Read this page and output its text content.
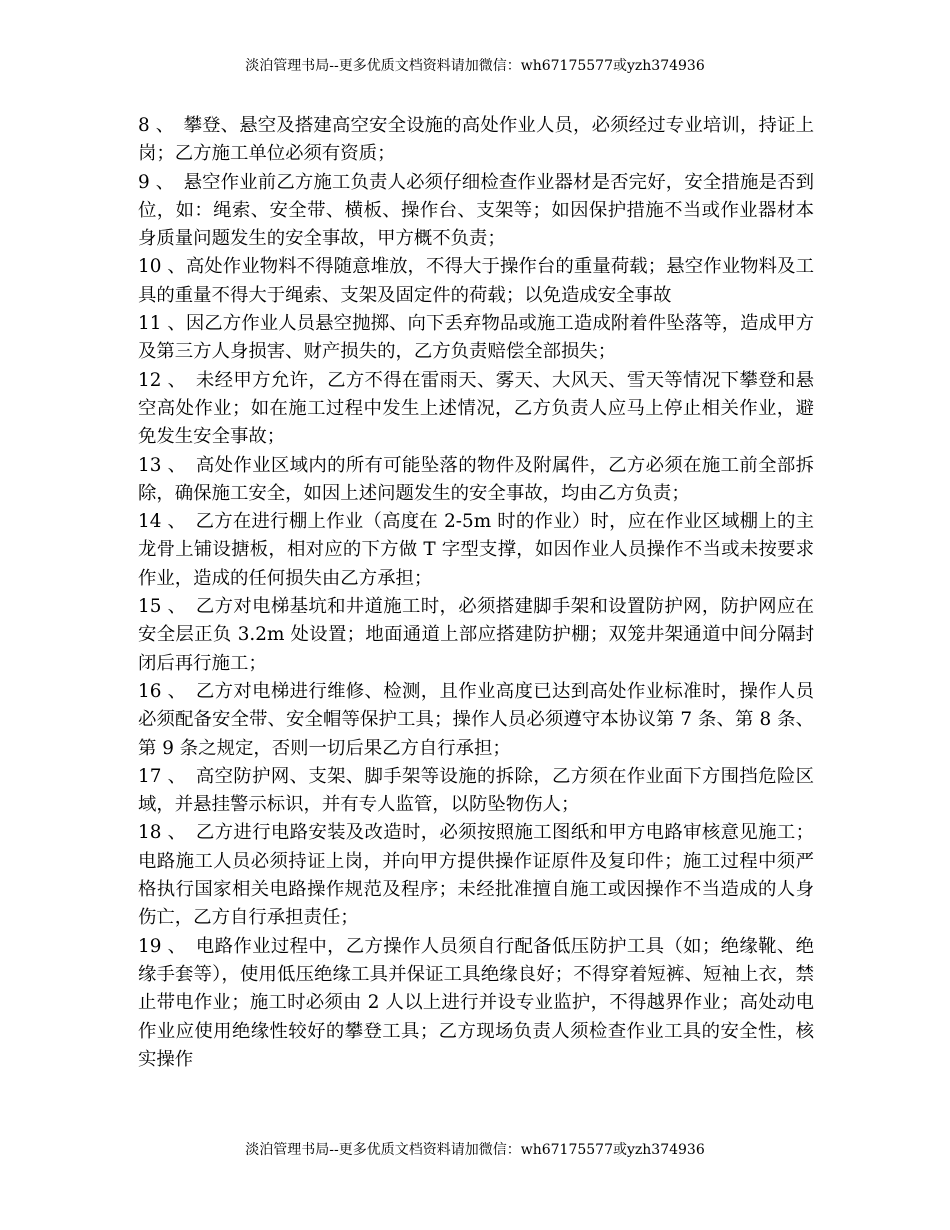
淡泊管理书局--更多优质文档资料请加微信：wh67175577或yzh374936

8 、　攀登、悬空及搭建高空安全设施的高处作业人员，必须经过专业培训，持证上岗；乙方施工单位必须有资质；

9 、　悬空作业前乙方施工负责人必须仔细检查作业器材是否完好，安全措施是否到位，如：绳索、安全带、横板、操作台、支架等；如因保护措施不当或作业器材本身质量问题发生的安全事故，甲方概不负责；

10 、高处作业物料不得随意堆放，不得大于操作台的重量荷载；悬空作业物料及工具的重量不得大于绳索、支架及固定件的荷载；以免造成安全事故

11 、因乙方作业人员悬空抛掷、向下丢弃物品或施工造成附着件坠落等，造成甲方及第三方人身损害、财产损失的，乙方负责赔偿全部损失；

12 、　未经甲方允许，乙方不得在雷雨天、雾天、大风天、雪天等情况下攀登和悬空高处作业；如在施工过程中发生上述情况，乙方负责人应马上停止相关作业，避免发生安全事故；

13 、　高处作业区域内的所有可能坠落的物件及附属件，乙方必须在施工前全部拆除，确保施工安全，如因上述问题发生的安全事故，均由乙方负责；

14 、　乙方在进行棚上作业（高度在 2-5m 时的作业）时，应在作业区域棚上的主龙骨上铺设搪板，相对应的下方做 T 字型支撑，如因作业人员操作不当或未按要求作业，造成的任何损失由乙方承担；

15 、　乙方对电梯基坑和井道施工时，必须搭建脚手架和设置防护网，防护网应在安全层正负 3.2m 处设置；地面通道上部应搭建防护棚；双笼井架通道中间分隔封闭后再行施工；

16 、　乙方对电梯进行维修、检测，且作业高度已达到高处作业标准时，操作人员必须配备安全带、安全帽等保护工具；操作人员必须遵守本协议第 7 条、第 8 条、第 9 条之规定，否则一切后果乙方自行承担；

17 、　高空防护网、支架、脚手架等设施的拆除，乙方须在作业面下方围挡危险区域，并悬挂警示标识，并有专人监管，以防坠物伤人；

18 、　乙方进行电路安装及改造时，必须按照施工图纸和甲方电路审核意见施工；电路施工人员必须持证上岗，并向甲方提供操作证原件及复印件；施工过程中须严格执行国家相关电路操作规范及程序；未经批准擅自施工或因操作不当造成的人身伤亡，乙方自行承担责任；

19 、　电路作业过程中，乙方操作人员须自行配备低压防护工具（如；绝缘靴、绝缘手套等），使用低压绝缘工具并保证工具绝缘良好；不得穿着短裤、短袖上衣，禁止带电作业；施工时必须由 2 人以上进行并设专业监护，不得越界作业；高处动电作业应使用绝缘性较好的攀登工具；乙方现场负责人须检查作业工具的安全性，核实操作

淡泊管理书局--更多优质文档资料请加微信：wh67175577或yzh374936
